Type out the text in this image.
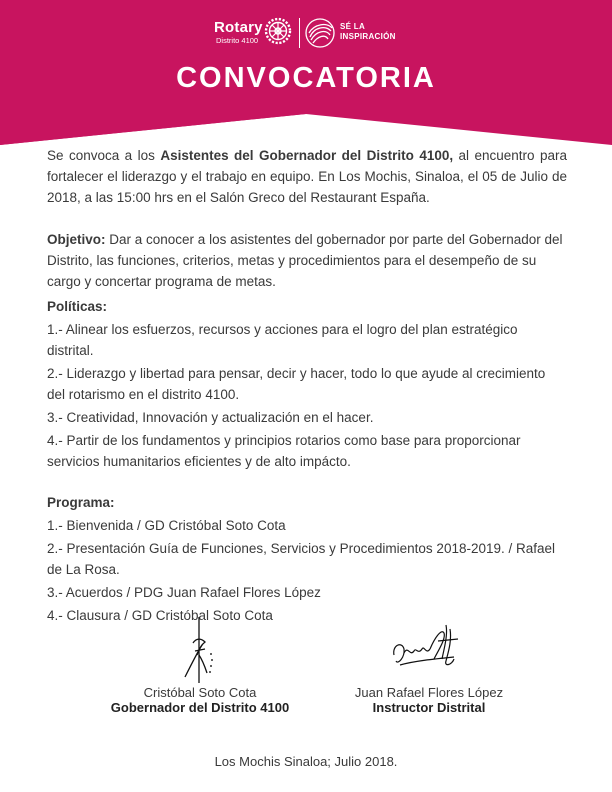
Rotary
Distrito 4100
SÉ LA
INSPIRACIÓN
CONVOCATORIA

Se convoca a los Asistentes del Gobernador del Distrito 4100, al encuentro para fortalecer el liderazgo y el trabajo en equipo. En Los Mochis, Sinaloa, el 05 de Julio de 2018, a las 15:00 hrs en el Salón Greco del Restaurant España.

Objetivo: Dar a conocer a los asistentes del gobernador por parte del Gobernador del Distrito, las funciones, criterios, metas y procedimientos para el desempeño de su cargo y concertar programa de metas.

Políticas:

1.- Alinear los esfuerzos, recursos y acciones para el logro del plan estratégico distrital.

2.- Liderazgo y libertad para pensar, decir y hacer, todo lo que ayude al crecimiento del rotarismo en el distrito 4100.

3.- Creatividad, Innovación y actualización en el hacer.

4.- Partir de los fundamentos y principios rotarios como base para proporcionar servicios humanitarios eficientes y de alto impácto.

Programa:

1.- Bienvenida / GD Cristóbal Soto Cota

2.- Presentación Guía de Funciones, Servicios y Procedimientos 2018-2019. / Rafael de La Rosa.

3.- Acuerdos / PDG Juan Rafael Flores López

4.- Clausura / GD Cristóbal Soto Cota

Cristóbal Soto Cota
Gobernador del Distrito 4100
Juan Rafael Flores López
Instructor Distrital
Los Mochis Sinaloa; Julio 2018.
